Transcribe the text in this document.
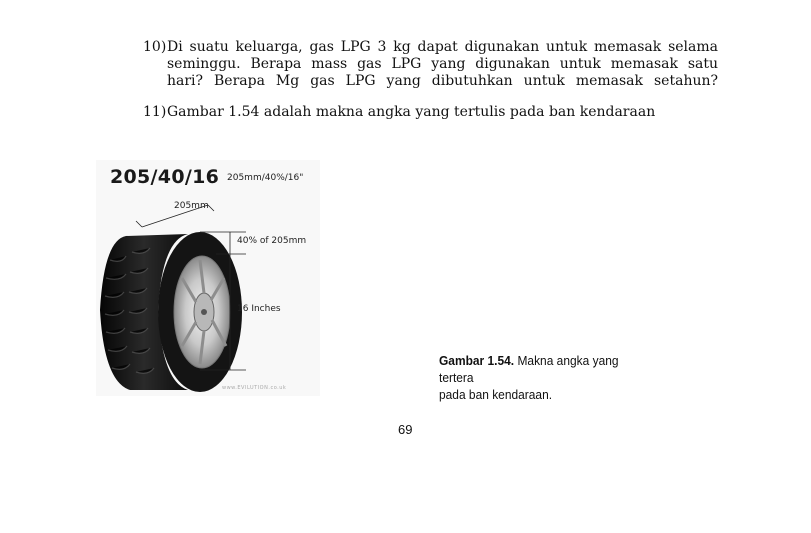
10) Di suatu keluarga, gas LPG 3 kg dapat digunakan untuk memasak selama
seminggu. Berapa mass gas LPG yang digunakan untuk memasak satu
hari? Berapa Mg gas LPG yang dibutuhkan untuk memasak setahun?
11) Gambar 1.54 adalah makna angka yang tertulis pada ban kendaraan
205/40/16 205mm/40%/16"
205mm
40% of 205mm
16 Inches
www.EVILUTION.co.uk
Gambar 1.54. Makna angka yang tertera
pada ban kendaraan.
69
